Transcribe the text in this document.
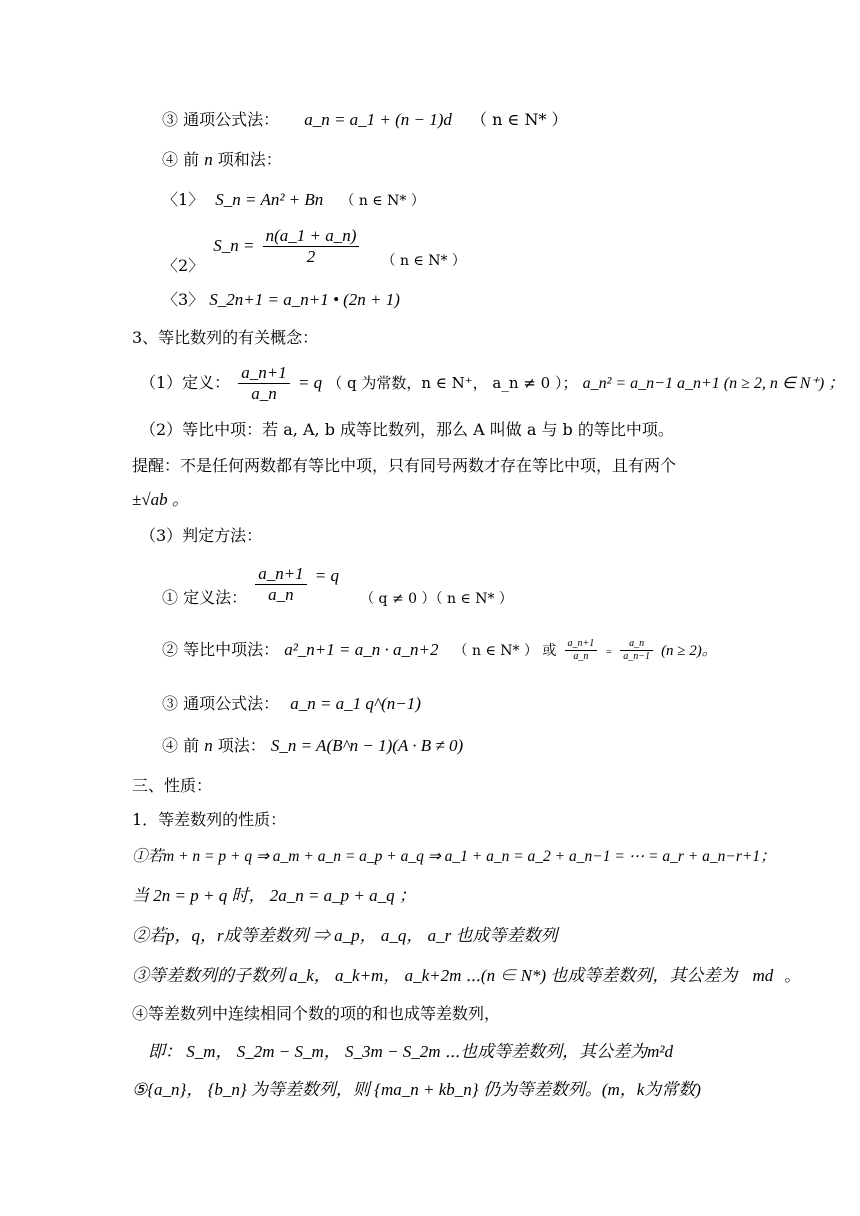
③ 通项公式法： a_n = a_1 + (n − 1)d （ n ∈ N* ）
④ 前 n 项和法：
〈1〉 S_n = An² + Bn （ n ∈ N* ）
〈2〉 S_n = $\frac{n(a\_1 + a\_n)}{2}$ （ n ∈ N* ）
〈3〉 S_2n+1 = a_n+1 • (2n + 1)
3、等比数列的有关概念：
（1）定义： $\frac{a\_n+1}{a\_n} = q$ （ q 为常数，n ∈ N⁺， a_n ≠ 0 ）； a_n² = a_n−1 a_n+1 (n ≥ 2, n ∈ N⁺) ；
（2）等比中项：若 a, A, b 成等比数列，那么 A 叫做 a 与 b 的等比中项。
提醒：不是任何两数都有等比中项，只有同号两数才存在等比中项，且有两个
±√ab 。
（3）判定方法：
① 定义法： $\frac{a\_n+1}{a\_n} = q$ （ q ≠ 0 ）（ n ∈ N* ）
② 等比中项法： a²_n+1 = a_n · a_n+2 （ n ∈ N* ） 或 $\frac{a\_n+1}{a\_n} = \frac{a\_n}{a\_n-1} (n \ge 2)$。
③ 通项公式法： a_n = a_1 q^(n−1)
④ 前 n 项法： S_n = A(B^n − 1)(A · B ≠ 0)
三、性质：
1．等差数列的性质：
①若m + n = p + q ⇒ a_m + a_n = a_p + a_q ⇒ a_1 + a_n = a_2 + a_n−1 = ⋯ = a_r + a_n−r+1；
当 2n = p + q 时， 2a_n = a_p + a_q ；
②若p，q，r成等差数列 ⇒ a_p， a_q， a_r 也成等差数列
③等差数列的子数列 a_k， a_k+m， a_k+2m ⋯(n ∈ N*) 也成等差数列，其公差为 md 。
④等差数列中连续相同个数的项的和也成等差数列，
即： S_m， S_2m − S_m， S_3m − S_2m ⋯也成等差数列，其公差为m²d
⑤{a_n}， {b_n} 为等差数列，则 {ma_n + kb_n} 仍为等差数列。(m，k为常数)
